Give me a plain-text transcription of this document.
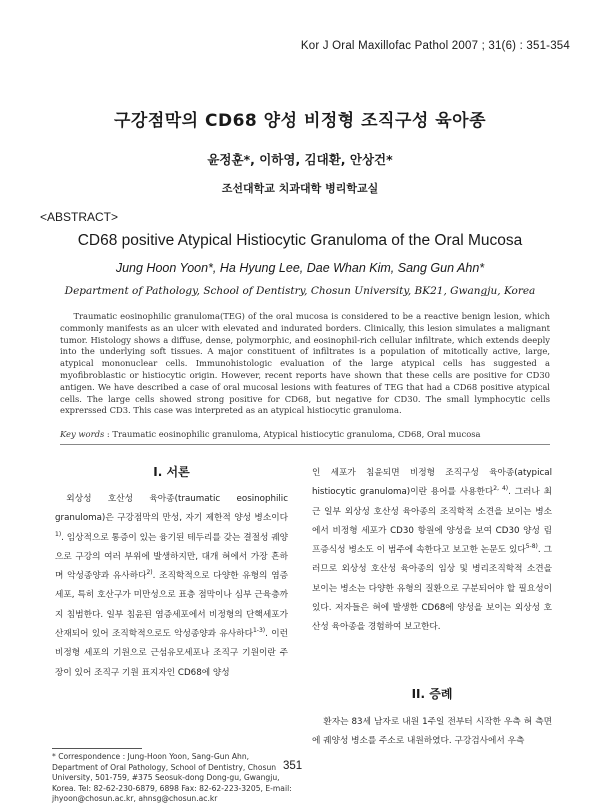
Kor J Oral Maxillofac Pathol 2007 ; 31(6) : 351-354
구강점막의 CD68 양성 비정형 조직구성 육아종
윤정훈*, 이하영, 김대환, 안상건*
조선대학교 치과대학 병리학교실
<ABSTRACT>
CD68 positive Atypical Histiocytic Granuloma of the Oral Mucosa
Jung Hoon Yoon*, Ha Hyung Lee, Dae Whan Kim, Sang Gun Ahn*
Department of Pathology, School of Dentistry, Chosun University, BK21, Gwangju, Korea
Traumatic eosinophilic granuloma(TEG) of the oral mucosa is considered to be a reactive benign lesion, which commonly manifests as an ulcer with elevated and indurated borders. Clinically, this lesion simulates a malignant tumor. Histology shows a diffuse, dense, polymorphic, and eosinophil-rich cellular infiltrate, which extends deeply into the underlying soft tissues. A major constituent of infiltrates is a population of mitotically active, large, atypical mononuclear cells. Immunohistologic evaluation of the large atypical cells has suggested a myofibroblastic or histiocytic origin. However, recent reports have shown that these cells are positive for CD30 antigen. We have described a case of oral mucosal lesions with features of TEG that had a CD68 positive atypical cells. The large cells showed strong positive for CD68, but negative for CD30. The small lymphocytic cells exprerssed CD3. This case was interpreted as an atypical histiocytic granuloma.
Key words : Traumatic eosinophilic granuloma, Atypical histiocytic granuloma, CD68, Oral mucosa
I. 서론

외상성 호산성 육아종(traumatic eosinophilic granuloma)은 구강점막의 만성, 자기 제한적 양성 병소이다$^{1)}$. 임상적으로 통증이 있는 융기된 테두리를 갖는 결절성 궤양으로 구강의 여러 부위에 발생하지만, 대개 혀에서 가장 흔하며 악성종양과 유사하다$^{2)}$. 조직학적으로 다양한 유형의 염증세포, 특히 호산구가 미만성으로 표층 점막이나 심부 근육층까지 침범한다. 일부 침윤된 염증세포에서 비정형의 단핵세포가 산재되어 있어 조직학적으로도 악성종양과 유사하다$^{1-3)}$. 이런 비정형 세포의 기원으로 근섬유모세포나 조직구 기원이란 주장이 있어 조직구 기원 표지자인 CD68에 양성

인 세포가 침윤되면 비정형 조직구성 육아종(atypical histiocytic granuloma)이란 용어를 사용한다$^{2, 4)}$. 그러나 최근 일부 외상성 호산성 육아종의 조직학적 소견을 보이는 병소에서 비정형 세포가 CD30 항원에 양성을 보여 CD30 양성 림프증식성 병소도 이 범주에 속한다고 보고한 논문도 있다$^{5-8)}$. 그러므로 외상성 호산성 육아종의 임상 및 병리조직학적 소견을 보이는 병소는 다양한 유형의 질환으로 구분되어야 할 필요성이 있다. 저자들은 혀에 발생한 CD68에 양성을 보이는 외상성 호산성 육아종을 경험하여 보고한다.

II. 증례

환자는 83세 남자로 내원 1주일 전부터 시작한 우측 혀 측면에 궤양성 병소를 주소로 내원하였다. 구강검사에서 우측

* Correspondence : Jung-Hoon Yoon, Sang-Gun Ahn, Department of Oral Pathology, School of Dentistry, Chosun University, 501-759, #375 Seosuk-dong Dong-gu, Gwangju, Korea. Tel: 82-62-230-6879, 6898 Fax: 82-62-223-3205, E-mail: jhyoon@chosun.ac.kr, ahnsg@chosun.ac.kr
351
